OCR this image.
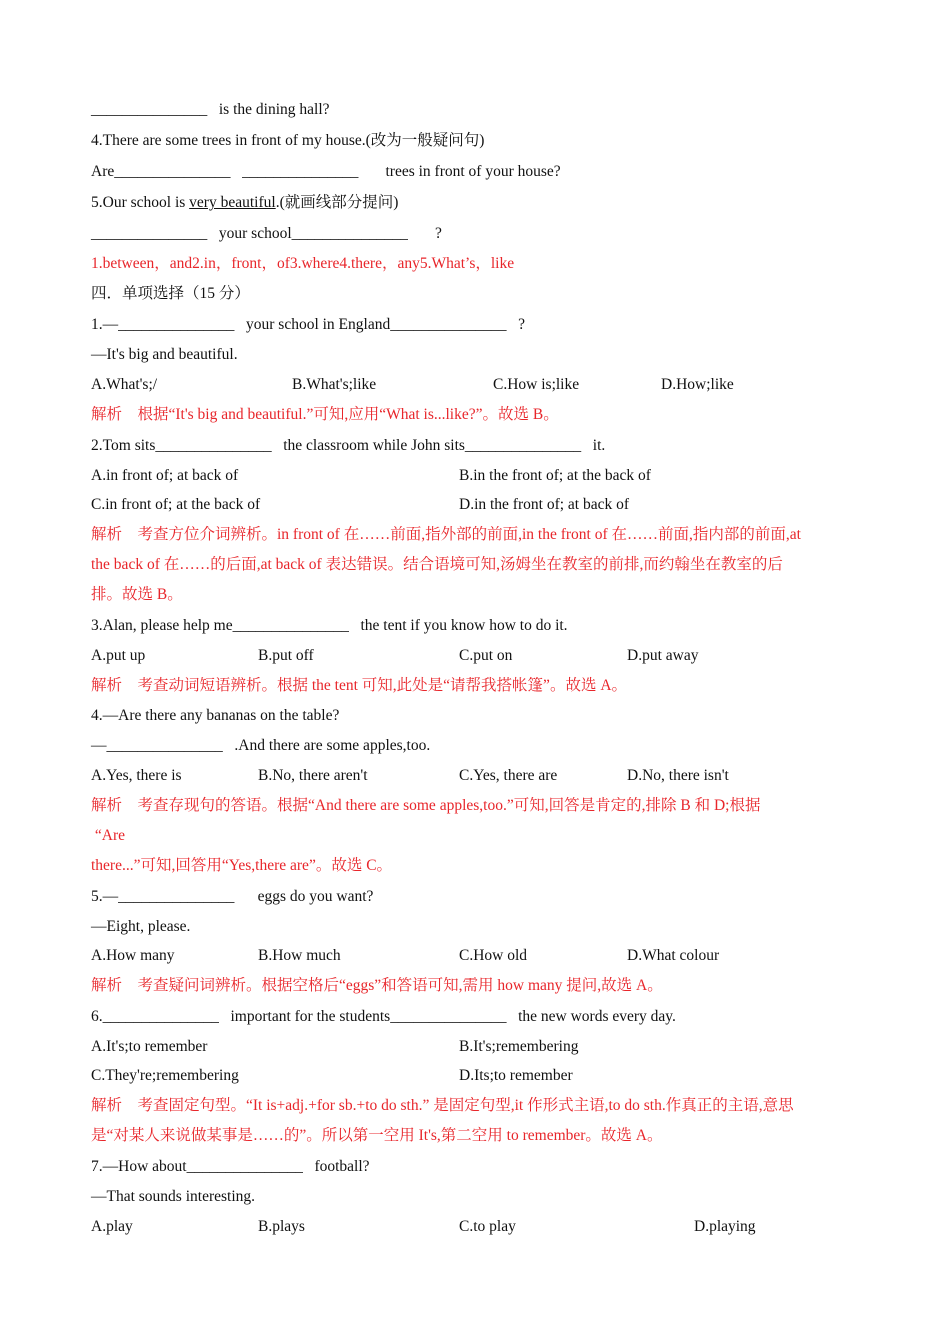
_______________   is the dining hall?
4.There are some trees in front of my house.(改为一般疑问句)
Are_______________   _______________       trees in front of your house?
5.Our school is very beautiful.(就画线部分提问)
_______________   your school_______________       ?
1.between，and2.in，front，of3.where4.there，any5.What’s，like
四．单项选择（15 分）
1.—_______________   your school in England_______________   ?
—It's big and beautiful.
A.What's;/	B.What's;like	C.How is;like	D.How;like
解析    根据“It's big and beautiful.”可知,应用“What is...like?”。故选 B。
2.Tom sits_______________   the classroom while John sits_______________   it.
A.in front of; at back of	B.in the front of; at the back of
C.in front of; at the back of	D.in the front of; at back of
解析    考查方位介词辨析。in front of 在……前面,指外部的前面,in the front of 在……前面,指内部的前面,at
the back of 在……的后面,at back of 表达错误。结合语境可知,汤姆坐在教室的前排,而约翰坐在教室的后
排。故选 B。
3.Alan, please help me_______________   the tent if you know how to do it.
A.put up	B.put off	C.put on	D.put away
解析    考查动词短语辨析。根据 the tent 可知,此处是“请帮我搭帐篷”。故选 A。
4.—Are there any bananas on the table?
—_______________   .And there are some apples,too.
A.Yes, there is	B.No, there aren't	C.Yes, there are	D.No, there isn't
解析    考查存现句的答语。根据“And there are some apples,too.”可知,回答是肯定的,排除 B 和 D;根据
“Are
there...”可知,回答用“Yes,there are”。故选 C。
5.—_______________      eggs do you want?
—Eight, please.
A.How many	B.How much	C.How old	D.What colour
解析    考查疑问词辨析。根据空格后“eggs”和答语可知,需用 how many 提问,故选 A。
6._______________   important for the students_______________   the new words every day.
A.It's;to remember	B.It's;remembering
C.They're;remembering	D.Its;to remember
解析    考查固定句型。“It is+adj.+for sb.+to do sth.” 是固定句型,it 作形式主语,to do sth.作真正的主语,意思
是“对某人来说做某事是……的”。所以第一空用 It's,第二空用 to remember。故选 A。
7.—How about_______________   football?
—That sounds interesting.
A.play	B.plays	C.to play	D.playing
